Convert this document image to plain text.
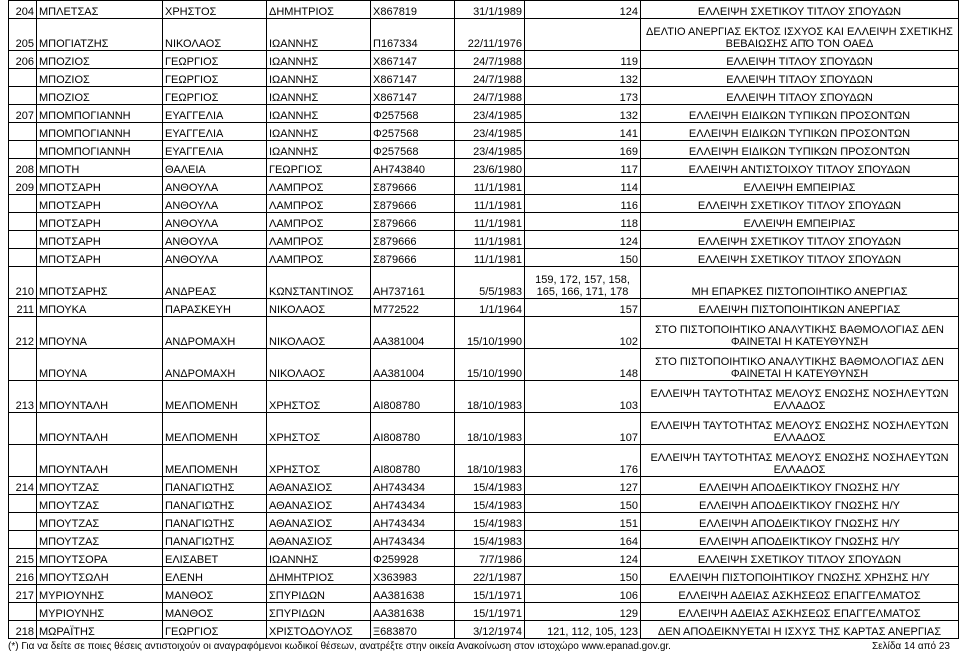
204	ΜΠΛΕΤΣΑΣ	ΧΡΗΣΤΟΣ	ΔΗΜΗΤΡΙΟΣ	Χ867819	31/1/1989	124	ΕΛΛΕΙΨΗ ΣΧΕΤΙΚΟΥ ΤΙΤΛΟΥ ΣΠΟΥΔΩΝ
205	ΜΠΟΓΙΑΤΖΗΣ	ΝΙΚΟΛΑΟΣ	ΙΩΑΝΝΗΣ	Π167334	22/11/1976		ΔΕΛΤΙΟ ΑΝΕΡΓΙΑΣ ΕΚΤΟΣ ΙΣΧΥΟΣ ΚΑΙ ΕΛΛΕΙΨΗ ΣΧΕΤΙΚΗΣ ΒΕΒΑΙΩΣΗΣ ΑΠΌ ΤΟΝ ΟΑΕΔ
206	ΜΠΟΖΙΟΣ	ΓΕΩΡΓΙΟΣ	ΙΩΑΝΝΗΣ	Χ867147	24/7/1988	119	ΕΛΛΕΙΨΗ ΤΙΤΛΟΥ ΣΠΟΥΔΩΝ
	ΜΠΟΖΙΟΣ	ΓΕΩΡΓΙΟΣ	ΙΩΑΝΝΗΣ	Χ867147	24/7/1988	132	ΕΛΛΕΙΨΗ ΤΙΤΛΟΥ ΣΠΟΥΔΩΝ
	ΜΠΟΖΙΟΣ	ΓΕΩΡΓΙΟΣ	ΙΩΑΝΝΗΣ	Χ867147	24/7/1988	173	ΕΛΛΕΙΨΗ ΤΙΤΛΟΥ ΣΠΟΥΔΩΝ
207	ΜΠΟΜΠΟΓΙΑΝΝΗ	ΕΥΑΓΓΕΛΙΑ	ΙΩΑΝΝΗΣ	Φ257568	23/4/1985	132	ΕΛΛΕΙΨΗ ΕΙΔΙΚΩΝ ΤΥΠΙΚΩΝ ΠΡΟΣΟΝΤΩΝ
	ΜΠΟΜΠΟΓΙΑΝΝΗ	ΕΥΑΓΓΕΛΙΑ	ΙΩΑΝΝΗΣ	Φ257568	23/4/1985	141	ΕΛΛΕΙΨΗ ΕΙΔΙΚΩΝ ΤΥΠΙΚΩΝ ΠΡΟΣΟΝΤΩΝ
	ΜΠΟΜΠΟΓΙΑΝΝΗ	ΕΥΑΓΓΕΛΙΑ	ΙΩΑΝΝΗΣ	Φ257568	23/4/1985	169	ΕΛΛΕΙΨΗ ΕΙΔΙΚΩΝ ΤΥΠΙΚΩΝ ΠΡΟΣΟΝΤΩΝ
208	ΜΠΟΤΗ	ΘΑΛΕΙΑ	ΓΕΩΡΓΙΟΣ	ΑΗ743840	23/6/1980	117	ΕΛΛΕΙΨΗ ΑΝΤΙΣΤΟΙΧΟΥ ΤΙΤΛΟΥ ΣΠΟΥΔΩΝ
209	ΜΠΟΤΣΑΡΗ	ΑΝΘΟΥΛΑ	ΛΑΜΠΡΟΣ	Σ879666	11/1/1981	114	ΕΛΛΕΙΨΗ ΕΜΠΕΙΡΙΑΣ
	ΜΠΟΤΣΑΡΗ	ΑΝΘΟΥΛΑ	ΛΑΜΠΡΟΣ	Σ879666	11/1/1981	116	ΕΛΛΕΙΨΗ ΣΧΕΤΙΚΟΥ ΤΙΤΛΟΥ ΣΠΟΥΔΩΝ
	ΜΠΟΤΣΑΡΗ	ΑΝΘΟΥΛΑ	ΛΑΜΠΡΟΣ	Σ879666	11/1/1981	118	ΕΛΛΕΙΨΗ ΕΜΠΕΙΡΙΑΣ
	ΜΠΟΤΣΑΡΗ	ΑΝΘΟΥΛΑ	ΛΑΜΠΡΟΣ	Σ879666	11/1/1981	124	ΕΛΛΕΙΨΗ ΣΧΕΤΙΚΟΥ ΤΙΤΛΟΥ ΣΠΟΥΔΩΝ
	ΜΠΟΤΣΑΡΗ	ΑΝΘΟΥΛΑ	ΛΑΜΠΡΟΣ	Σ879666	11/1/1981	150	ΕΛΛΕΙΨΗ ΣΧΕΤΙΚΟΥ ΤΙΤΛΟΥ ΣΠΟΥΔΩΝ
210	ΜΠΟΤΣΑΡΗΣ	ΑΝΔΡΕΑΣ	ΚΩΝΣΤΑΝΤΙΝΟΣ	ΑΗ737161	5/5/1983	159, 172, 157, 158, 165, 166, 171, 178	ΜΗ ΕΠΑΡΚΕΣ ΠΙΣΤΟΠΟΙΗΤΙΚΟ ΑΝΕΡΓΙΑΣ
211	ΜΠΟΥΚΑ	ΠΑΡΑΣΚΕΥΗ	ΝΙΚΟΛΑΟΣ	Μ772522	1/1/1964	157	ΕΛΛΕΙΨΗ ΠΙΣΤΟΠΟΙΗΤΙΚΩΝ ΑΝΕΡΓΙΑΣ
212	ΜΠΟΥΝΑ	ΑΝΔΡΟΜΑΧΗ	ΝΙΚΟΛΑΟΣ	ΑΑ381004	15/10/1990	102	ΣΤΟ ΠΙΣΤΟΠΟΙΗΤΙΚΟ ΑΝΑΛΥΤΙΚΗΣ ΒΑΘΜΟΛΟΓΙΑΣ ΔΕΝ ΦΑΙΝΕΤΑΙ Η ΚΑΤΕΥΘΥΝΣΗ
	ΜΠΟΥΝΑ	ΑΝΔΡΟΜΑΧΗ	ΝΙΚΟΛΑΟΣ	ΑΑ381004	15/10/1990	148	ΣΤΟ ΠΙΣΤΟΠΟΙΗΤΙΚΟ ΑΝΑΛΥΤΙΚΗΣ ΒΑΘΜΟΛΟΓΙΑΣ ΔΕΝ ΦΑΙΝΕΤΑΙ Η ΚΑΤΕΥΘΥΝΣΗ
213	ΜΠΟΥΝΤΑΛΗ	ΜΕΛΠΟΜΕΝΗ	ΧΡΗΣΤΟΣ	ΑΙ808780	18/10/1983	103	ΕΛΛΕΙΨΗ ΤΑΥΤΟΤΗΤΑΣ ΜΕΛΟΥΣ ΕΝΩΣΗΣ ΝΟΣΗΛΕΥΤΩΝ ΕΛΛΑΔΟΣ
	ΜΠΟΥΝΤΑΛΗ	ΜΕΛΠΟΜΕΝΗ	ΧΡΗΣΤΟΣ	ΑΙ808780	18/10/1983	107	ΕΛΛΕΙΨΗ ΤΑΥΤΟΤΗΤΑΣ ΜΕΛΟΥΣ ΕΝΩΣΗΣ ΝΟΣΗΛΕΥΤΩΝ ΕΛΛΑΔΟΣ
	ΜΠΟΥΝΤΑΛΗ	ΜΕΛΠΟΜΕΝΗ	ΧΡΗΣΤΟΣ	ΑΙ808780	18/10/1983	176	ΕΛΛΕΙΨΗ ΤΑΥΤΟΤΗΤΑΣ ΜΕΛΟΥΣ ΕΝΩΣΗΣ ΝΟΣΗΛΕΥΤΩΝ ΕΛΛΑΔΟΣ
214	ΜΠΟΥΤΖΑΣ	ΠΑΝΑΓΙΩΤΗΣ	ΑΘΑΝΑΣΙΟΣ	ΑΗ743434	15/4/1983	127	ΕΛΛΕΙΨΗ ΑΠΟΔΕΙΚΤΙΚΟΥ ΓΝΩΣΗΣ Η/Υ
	ΜΠΟΥΤΖΑΣ	ΠΑΝΑΓΙΩΤΗΣ	ΑΘΑΝΑΣΙΟΣ	ΑΗ743434	15/4/1983	150	ΕΛΛΕΙΨΗ ΑΠΟΔΕΙΚΤΙΚΟΥ ΓΝΩΣΗΣ Η/Υ
	ΜΠΟΥΤΖΑΣ	ΠΑΝΑΓΙΩΤΗΣ	ΑΘΑΝΑΣΙΟΣ	ΑΗ743434	15/4/1983	151	ΕΛΛΕΙΨΗ ΑΠΟΔΕΙΚΤΙΚΟΥ ΓΝΩΣΗΣ Η/Υ
	ΜΠΟΥΤΖΑΣ	ΠΑΝΑΓΙΩΤΗΣ	ΑΘΑΝΑΣΙΟΣ	ΑΗ743434	15/4/1983	164	ΕΛΛΕΙΨΗ ΑΠΟΔΕΙΚΤΙΚΟΥ ΓΝΩΣΗΣ Η/Υ
215	ΜΠΟΥΤΣΟΡΑ	ΕΛΙΣΑΒΕΤ	ΙΩΑΝΝΗΣ	Φ259928	7/7/1986	124	ΕΛΛΕΙΨΗ ΣΧΕΤΙΚΟΥ ΤΙΤΛΟΥ ΣΠΟΥΔΩΝ
216	ΜΠΟΥΤΣΩΛΗ	ΕΛΕΝΗ	ΔΗΜΗΤΡΙΟΣ	Χ363983	22/1/1987	150	ΕΛΛΕΙΨΗ ΠΙΣΤΟΠΟΙΗΤΙΚΟΥ ΓΝΩΣΗΣ ΧΡΗΣΗΣ Η/Υ
217	ΜΥΡΙΟΥΝΗΣ	ΜΑΝΘΟΣ	ΣΠΥΡΙΔΩΝ	ΑΑ381638	15/1/1971	106	ΕΛΛΕΙΨΗ ΑΔΕΙΑΣ ΑΣΚΗΣΕΩΣ ΕΠΑΓΓΕΛΜΑΤΟΣ
	ΜΥΡΙΟΥΝΗΣ	ΜΑΝΘΟΣ	ΣΠΥΡΙΔΩΝ	ΑΑ381638	15/1/1971	129	ΕΛΛΕΙΨΗ ΑΔΕΙΑΣ ΑΣΚΗΣΕΩΣ ΕΠΑΓΓΕΛΜΑΤΟΣ
218	ΜΩΡΑΪΤΗΣ	ΓΕΩΡΓΙΟΣ	ΧΡΙΣΤΟΔΟΥΛΟΣ	Ξ683870	3/12/1974	121, 112, 105, 123	ΔΕΝ ΑΠΟΔΕΙΚΝΥΕΤΑΙ Η ΙΣΧΥΣ ΤΗΣ ΚΑΡΤΑΣ ΑΝΕΡΓΙΑΣ
(*) Για να δείτε σε ποιες θέσεις αντιστοιχούν οι αναγραφόμενοι κωδικοί θέσεων, ανατρέξτε στην οικεία Ανακοίνωση στον ιστοχώρο www.epanad.gov.gr.	Σελίδα 14 από 23
